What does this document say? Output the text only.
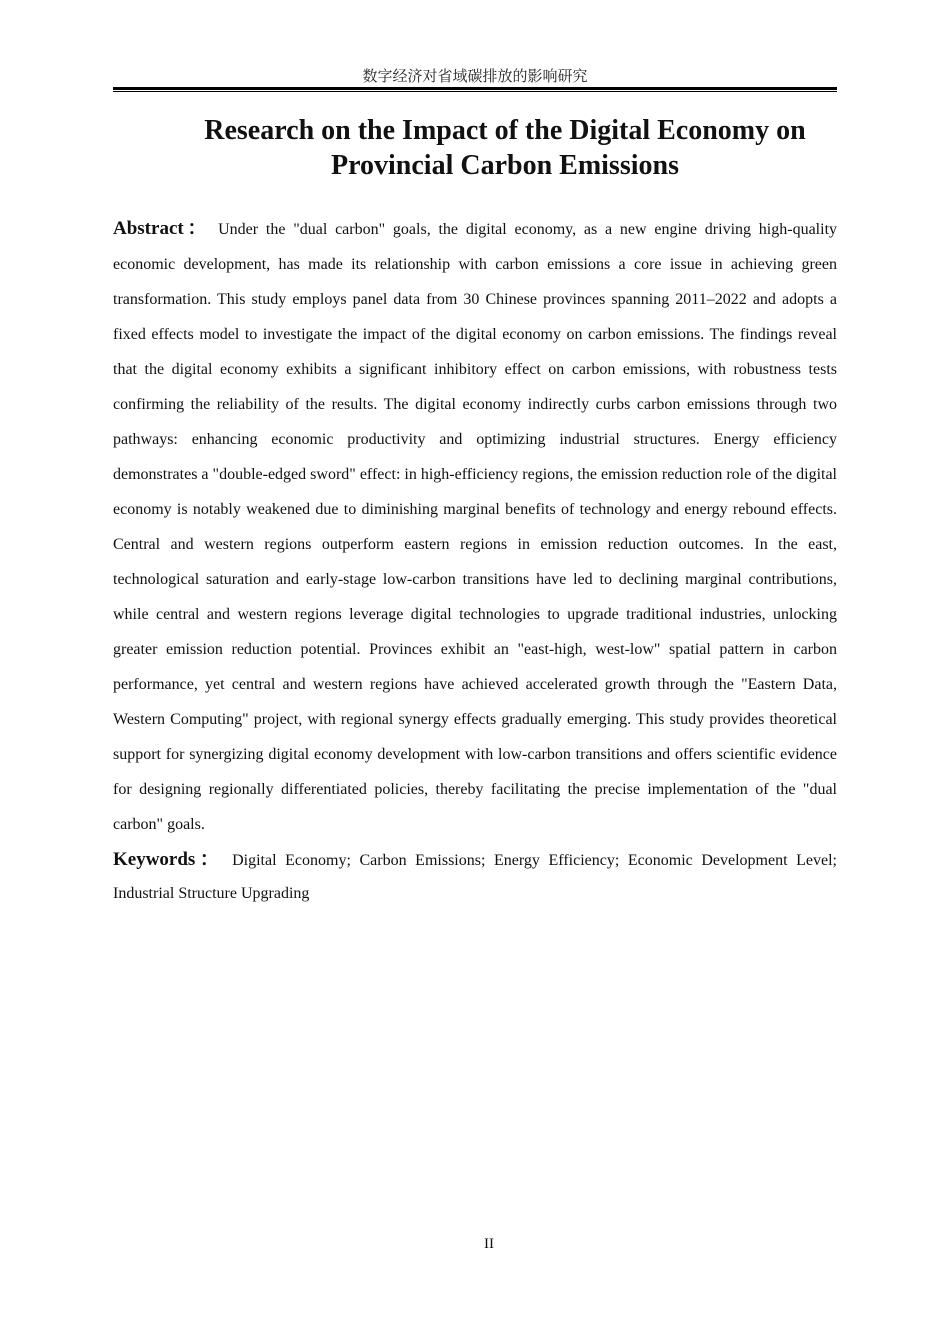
数字经济对省域碳排放的影响研究
Research on the Impact of the Digital Economy on Provincial Carbon Emissions

Abstract： Under the "dual carbon" goals, the digital economy, as a new engine driving high-quality economic development, has made its relationship with carbon emissions a core issue in achieving green transformation. This study employs panel data from 30 Chinese provinces spanning 2011–2022 and adopts a fixed effects model to investigate the impact of the digital economy on carbon emissions. The findings reveal that the digital economy exhibits a significant inhibitory effect on carbon emissions, with robustness tests confirming the reliability of the results. The digital economy indirectly curbs carbon emissions through two pathways: enhancing economic productivity and optimizing industrial structures. Energy efficiency demonstrates a "double-edged sword" effect: in high-efficiency regions, the emission reduction role of the digital economy is notably weakened due to diminishing marginal benefits of technology and energy rebound effects. Central and western regions outperform eastern regions in emission reduction outcomes. In the east, technological saturation and early-stage low-carbon transitions have led to declining marginal contributions, while central and western regions leverage digital technologies to upgrade traditional industries, unlocking greater emission reduction potential. Provinces exhibit an "east-high, west-low" spatial pattern in carbon performance, yet central and western regions have achieved accelerated growth through the "Eastern Data, Western Computing" project, with regional synergy effects gradually emerging. This study provides theoretical support for synergizing digital economy development with low-carbon transitions and offers scientific evidence for designing regionally differentiated policies, thereby facilitating the precise implementation of the "dual carbon" goals.

Keywords： Digital Economy; Carbon Emissions; Energy Efficiency; Economic Development Level; Industrial Structure Upgrading

II
